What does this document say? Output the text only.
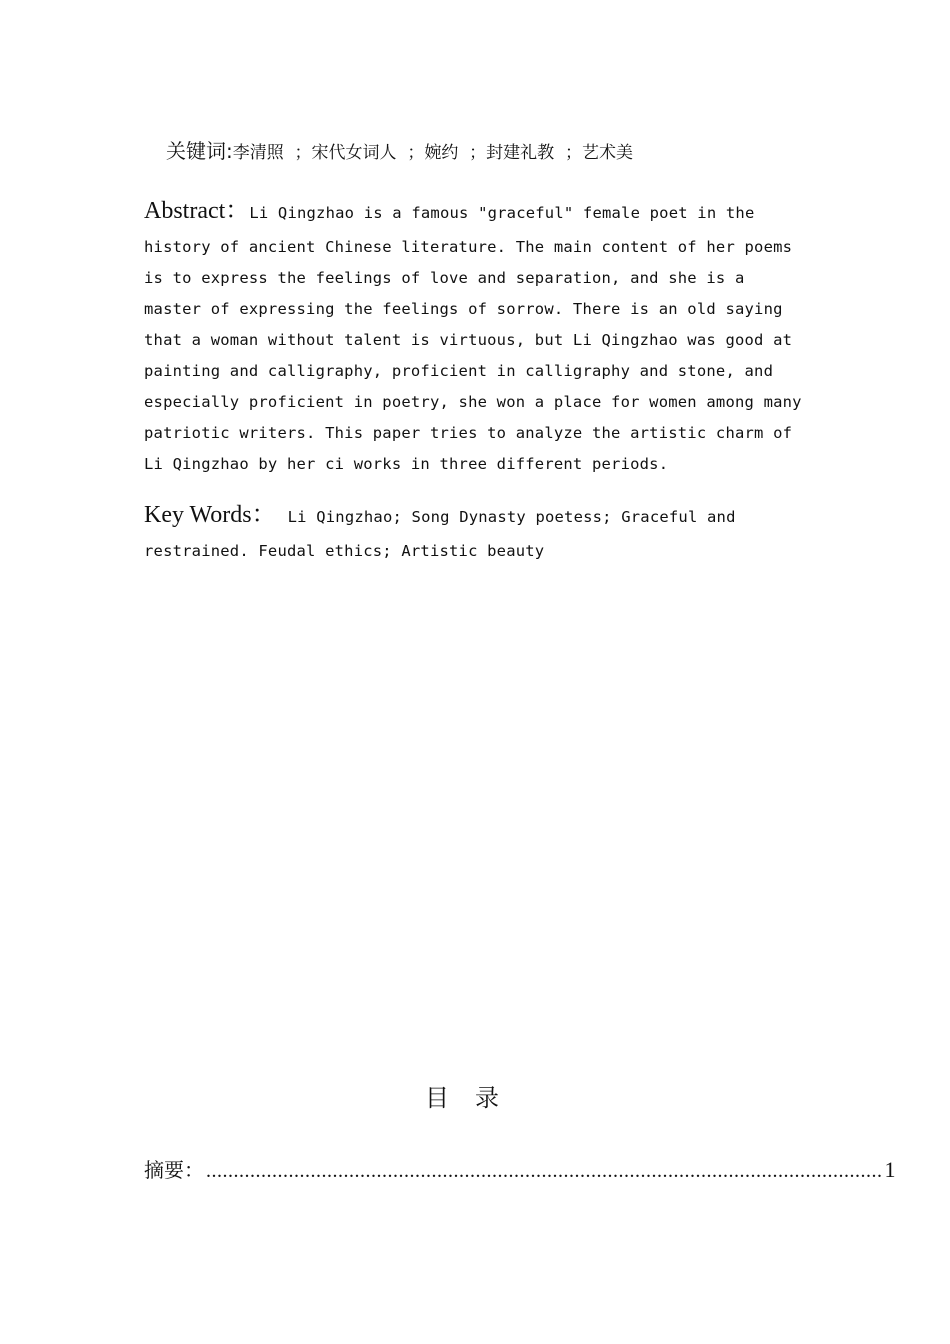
关键词:李清照  ；宋代女词人  ；婉约  ；封建礼教  ；艺术美
Abstract：Li Qingzhao is a famous "graceful" female poet in the
history of ancient Chinese literature. The main content of her poems
is to express the feelings of love and separation, and she is a
master of expressing the feelings of sorrow. There is an old saying
that a woman without talent is virtuous, but Li Qingzhao was good at
painting and calligraphy, proficient in calligraphy and stone, and
especially proficient in poetry, she won a place for women among many
patriotic writers. This paper tries to analyze the artistic charm of
Li Qingzhao by her ci works in three different periods.
Key Words： Li Qingzhao; Song Dynasty poetess; Graceful and
restrained. Feudal ethics; Artistic beauty
目录
摘要： ........................................................................................................................... 1
